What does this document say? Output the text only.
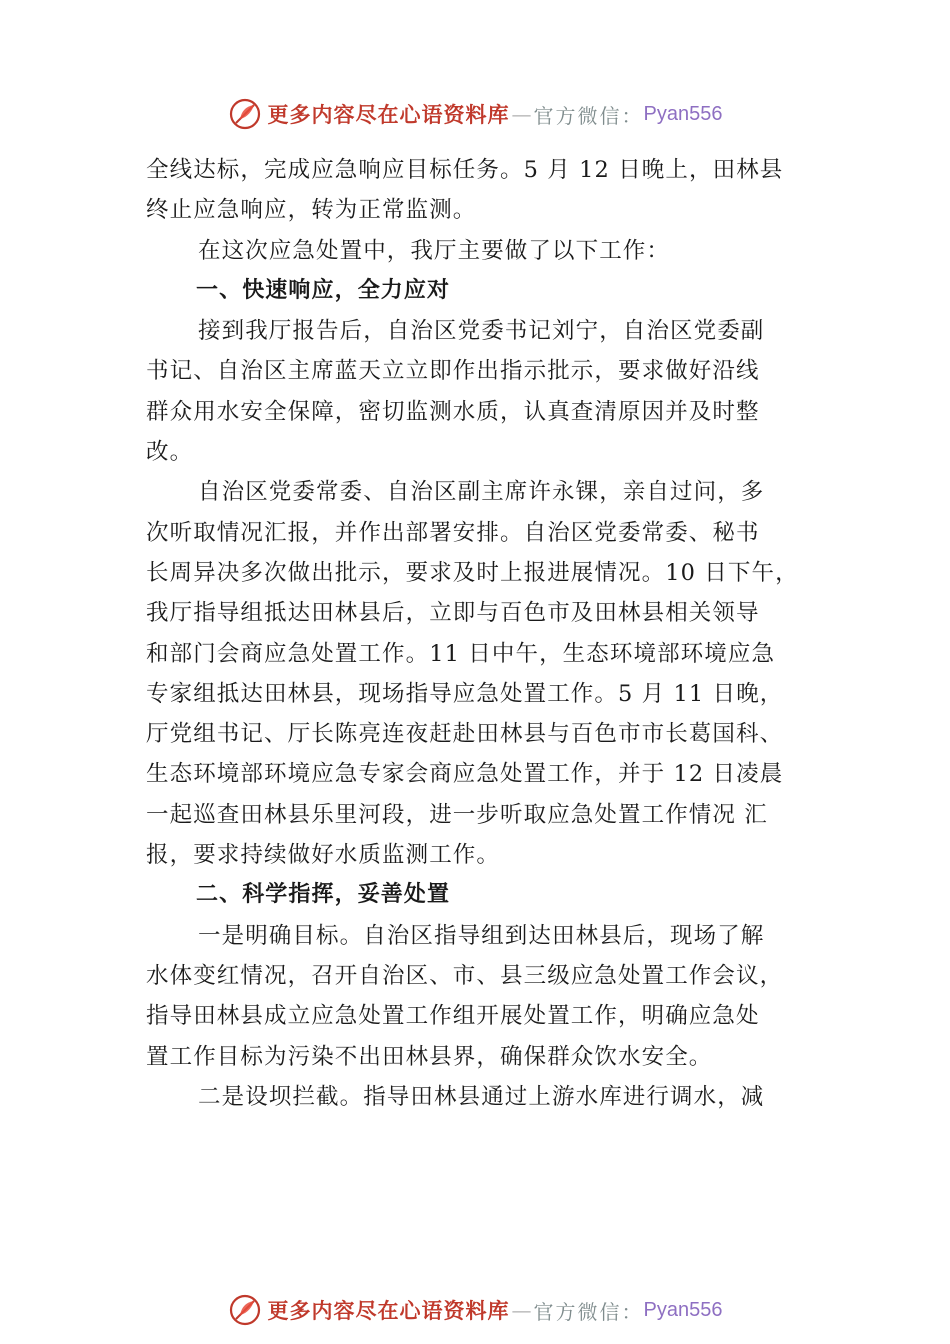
更多内容尽在心语资料库 — 官方微信： Pyan556
全线达标，完成应急响应目标任务。5 月 12 日晚上，田林县
终止应急响应，转为正常监测。
在这次应急处置中，我厅主要做了以下工作：
一、快速响应，全力应对
接到我厅报告后，自治区党委书记刘宁，自治区党委副
书记、自治区主席蓝天立立即作出指示批示，要求做好沿线
群众用水安全保障，密切监测水质，认真查清原因并及时整
改。
自治区党委常委、自治区副主席许永锞，亲自过问，多
次听取情况汇报，并作出部署安排。自治区党委常委、秘书
长周异决多次做出批示，要求及时上报进展情况。10 日下午，
我厅指导组抵达田林县后，立即与百色市及田林县相关领导
和部门会商应急处置工作。11 日中午，生态环境部环境应急
专家组抵达田林县，现场指导应急处置工作。5 月 11 日晚，
厅党组书记、厅长陈亮连夜赶赴田林县与百色市市长葛国科、
生态环境部环境应急专家会商应急处置工作，并于 12 日凌晨
一起巡查田林县乐里河段，进一步听取应急处置工作情况 汇
报，要求持续做好水质监测工作。
二、科学指挥，妥善处置
一是明确目标。自治区指导组到达田林县后，现场了解
水体变红情况，召开自治区、市、县三级应急处置工作会议，
指导田林县成立应急处置工作组开展处置工作，明确应急处
置工作目标为污染不出田林县界，确保群众饮水安全。
二是设坝拦截。指导田林县通过上游水库进行调水，减
更多内容尽在心语资料库 — 官方微信： Pyan556
